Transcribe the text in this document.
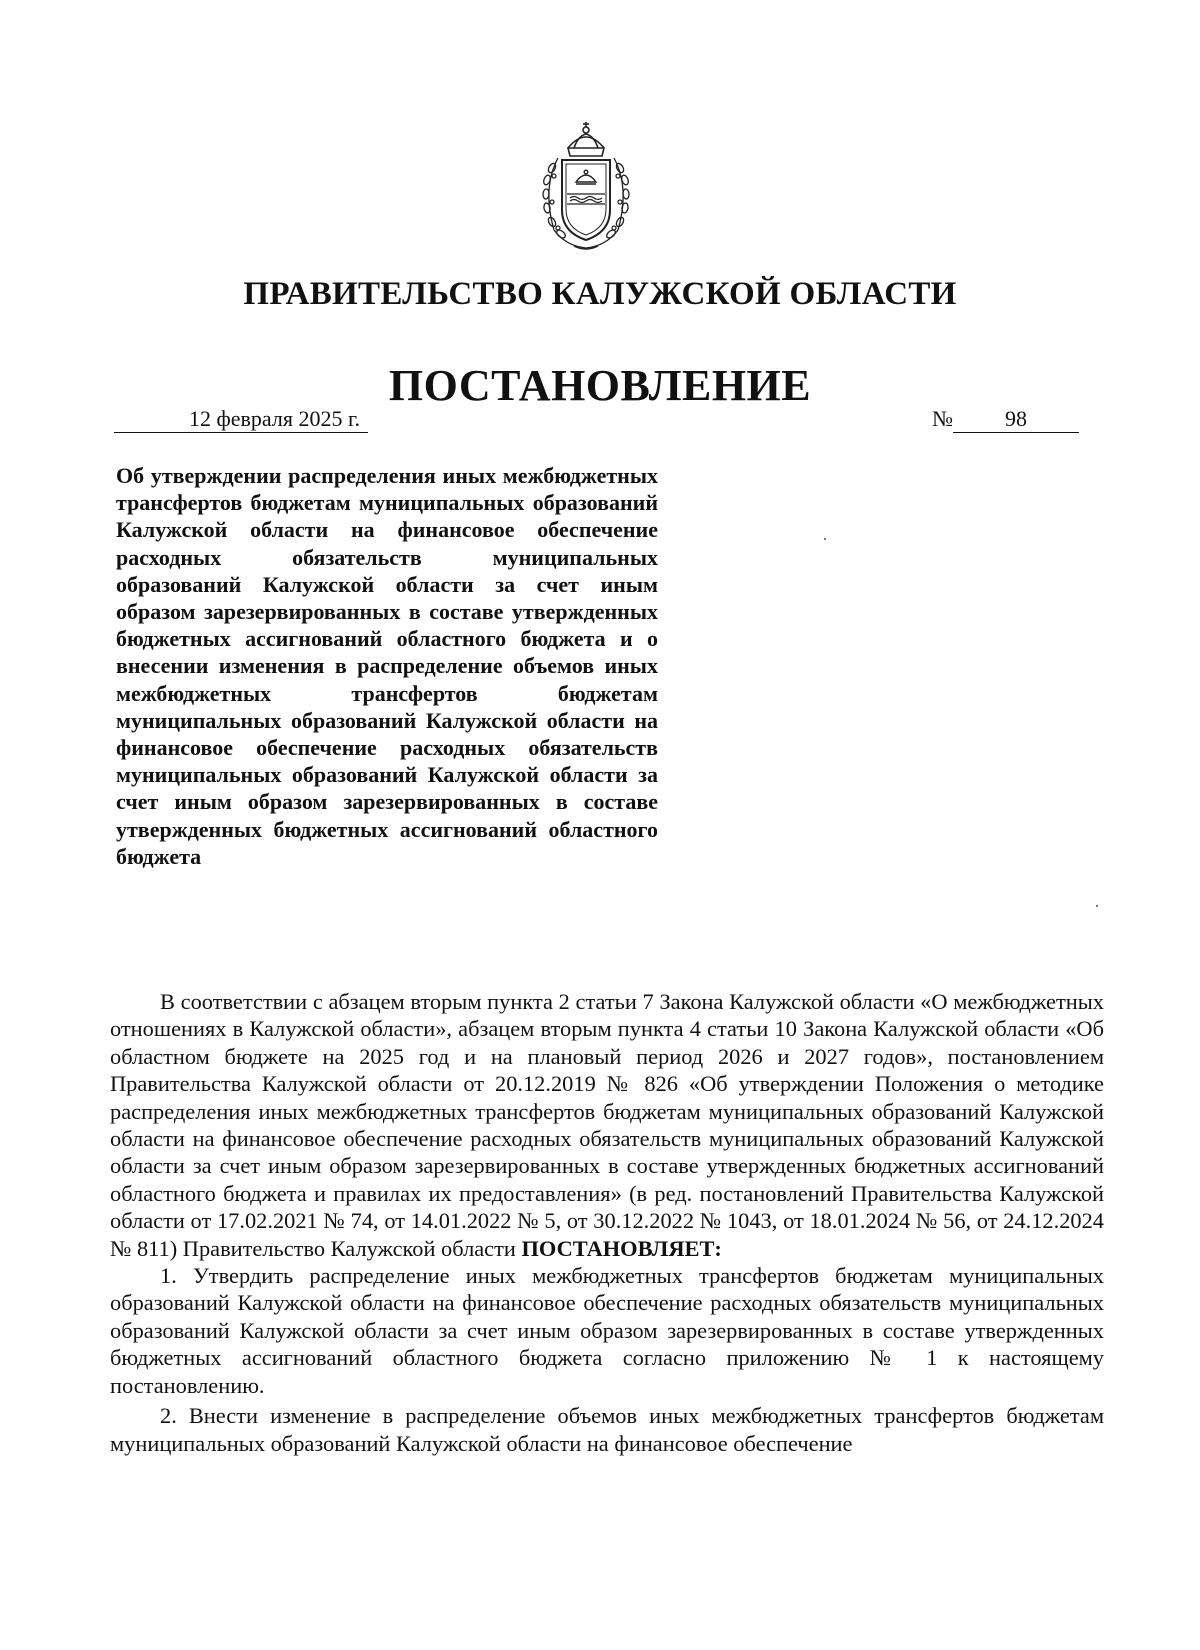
ПРАВИТЕЛЬСТВО КАЛУЖСКОЙ ОБЛАСТИ
ПОСТАНОВЛЕНИЕ
12 февраля 2025 г.	№ 98
Об утверждении распределения иных межбюджетных трансфертов бюджетам муниципальных образований Калужской области на финансовое обеспечение расходных обязательств муниципальных образований Калужской области за счет иным образом зарезервированных в составе утвержденных бюджетных ассигнований областного бюджета и о внесении изменения в распределение объемов иных межбюджетных трансфертов бюджетам муниципальных образований Калужской области на финансовое обеспечение расходных обязательств муниципальных образований Калужской области за счет иным образом зарезервированных в составе утвержденных бюджетных ассигнований областного бюджета

В соответствии с абзацем вторым пункта 2 статьи 7 Закона Калужской области «О межбюджетных отношениях в Калужской области», абзацем вторым пункта 4 статьи 10 Закона Калужской области «Об областном бюджете на 2025 год и на плановый период 2026 и 2027 годов», постановлением Правительства Калужской области от 20.12.2019 № 826 «Об утверждении Положения о методике распределения иных межбюджетных трансфертов бюджетам муниципальных образований Калужской области на финансовое обеспечение расходных обязательств муниципальных образований Калужской области за счет иным образом зарезервированных в составе утвержденных бюджетных ассигнований областного бюджета и правилах их предоставления» (в ред. постановлений Правительства Калужской области от 17.02.2021 № 74, от 14.01.2022 № 5, от 30.12.2022 № 1043, от 18.01.2024 № 56, от 24.12.2024 № 811) Правительство Калужской области ПОСТАНОВЛЯЕТ:

1. Утвердить распределение иных межбюджетных трансфертов бюджетам муниципальных образований Калужской области на финансовое обеспечение расходных обязательств муниципальных образований Калужской области за счет иным образом зарезервированных в составе утвержденных бюджетных ассигнований областного бюджета согласно приложению № 1 к настоящему постановлению.

2. Внести изменение в распределение объемов иных межбюджетных трансфертов бюджетам муниципальных образований Калужской области на финансовое обеспечение
